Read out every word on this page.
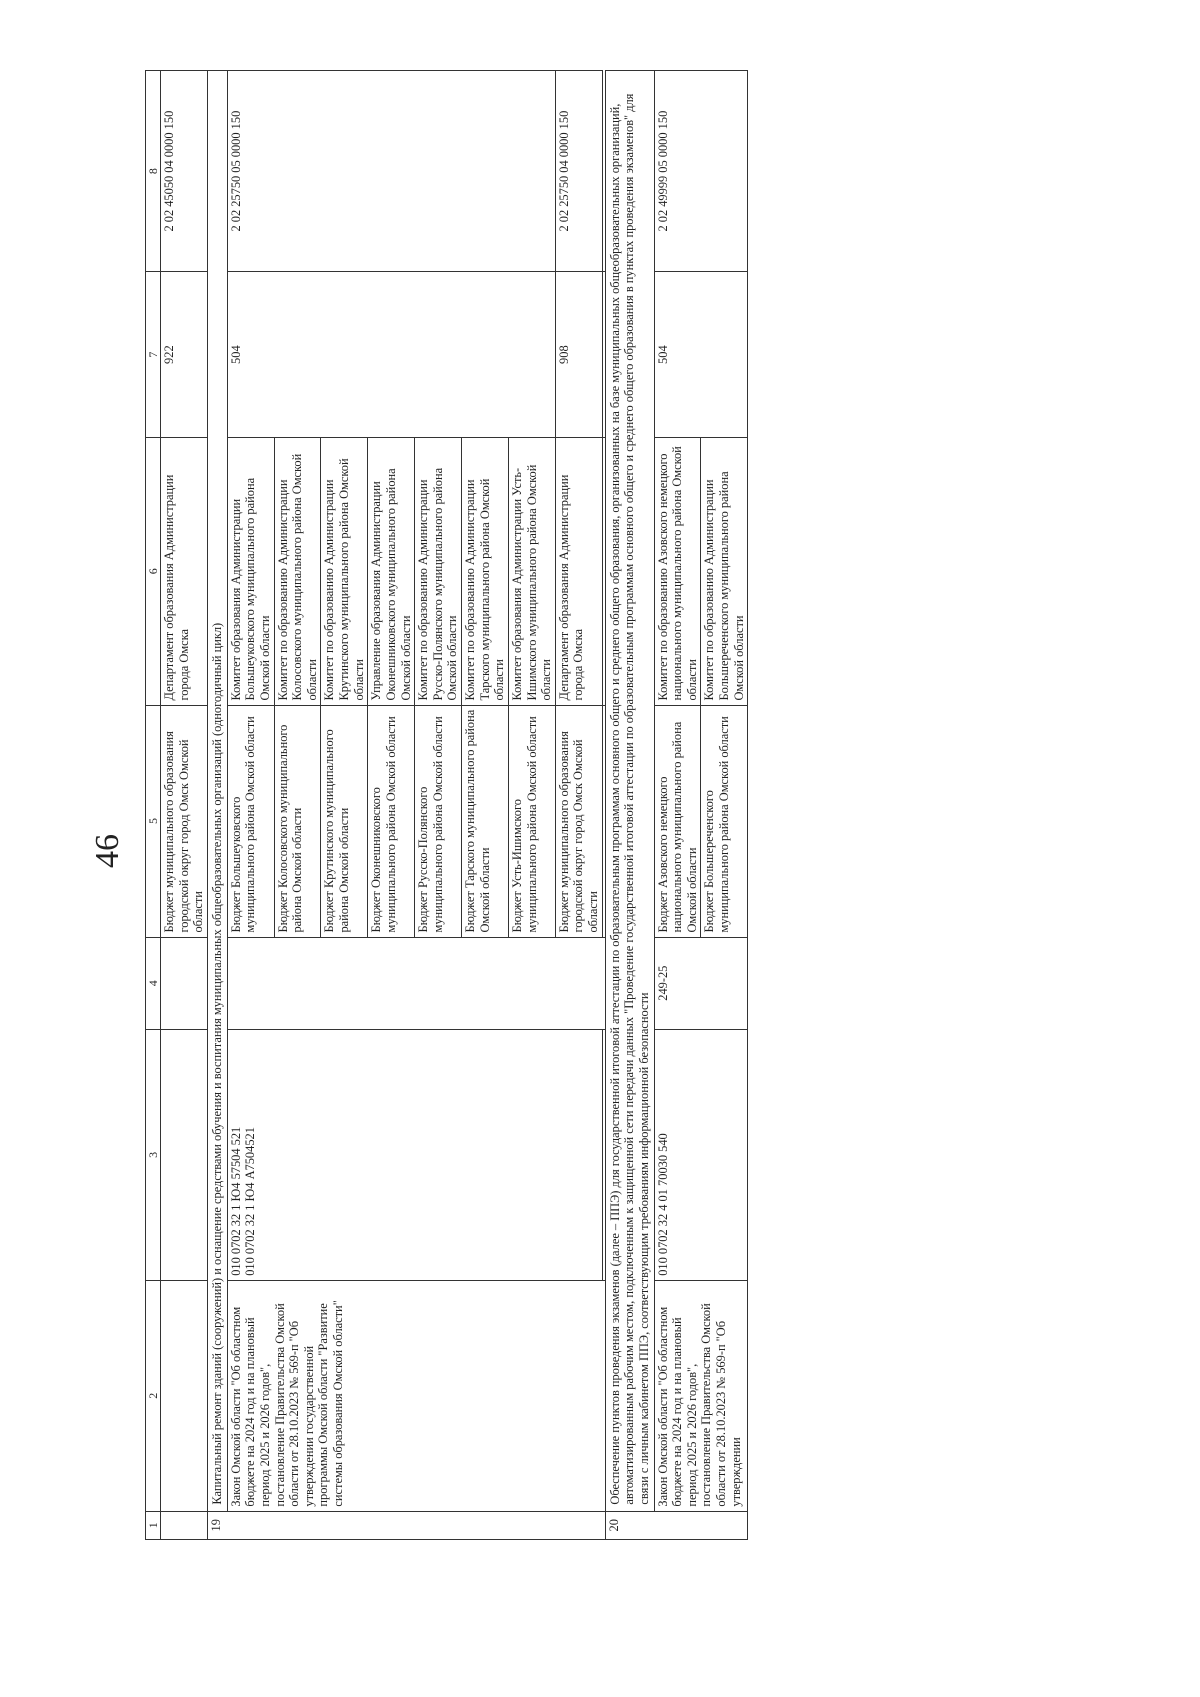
46
1	2	3	4	5	6	7	8
				Бюджет муниципального образования городской округ город Омск Омской области	Департамент образования Администрации города Омска	922	2 02 45050 04 0000 150
19	Капитальный ремонт зданий (сооружений) и оснащение средствами обучения и воспитания муниципальных общеобразовательных организаций (одногодичный цикл)						
	Закон Омской области "Об областном бюджете на 2024 год и на плановый период 2025 и 2026 годов", постановление Правительства Омской области от 28.10.2023 № 569-п "Об утверждении государственной программы Омской области "Развитие системы образования Омской области"	010 0702 32 1 Ю4 57504 521 010 0702 32 1 Ю4 А7504521		Бюджет Большеуковского муниципального района Омской области	Комитет образования Администрации Большеуковского муниципального района Омской области	504	2 02 25750 05 0000 150
				Бюджет Колосовского муниципального района Омской области	Комитет по образованию Администрации Колосовского муниципального района Омской области		
				Бюджет Крутинского муниципального района Омской области	Комитет по образованию Администрации Крутинского муниципального района Омской области		
				Бюджет Оконешниковского муниципального района Омской области	Управление образования Администрации Оконешниковского муниципального района Омской области		
				Бюджет Русско-Полянского муниципального района Омской области	Комитет по образованию Администрации Русско-Полянского муниципального района Омской области		
				Бюджет Тарского муниципального района Омской области	Комитет по образованию Администрации Тарского муниципального района Омской области		
				Бюджет Усть-Ишимского муниципального района Омской области	Комитет образования Администрации Усть-Ишимского муниципального района Омской области		
				Бюджет муниципального образования городской округ город Омск Омской области	Департамент образования Администрации города Омска	908	2 02 25750 04 0000 150

20	Обеспечение пунктов проведения экзаменов (далее – ППЭ) для государственной итоговой аттестации по образовательным программам основного общего и среднего общего образования, организованных на базе муниципальных общеобразовательных организаций, автоматизированным рабочим местом, подключенным к защищенной сети передачи данных "Проведение государственной итоговой аттестации по образовательным программам основного общего и среднего общего образования в пунктах проведения экзаменов" для связи с личным кабинетом ППЭ, соответствующим требованиям информационной безопасности						
	Закон Омской области "Об областном бюджете на 2024 год и на плановый период 2025 и 2026 годов", постановление Правительства Омской области от 28.10.2023 № 569-п "Об утверждении	010 0702 32 4 01 70030 540	249-25	Бюджет Азовского немецкого национального муниципального района Омской области	Комитет по образованию Азовского немецкого национального муниципального района Омской области	504	2 02 49999 05 0000 150
				Бюджет Большереченского муниципального района Омской области	Комитет по образованию Администрации Большереченского муниципального района Омской области		
